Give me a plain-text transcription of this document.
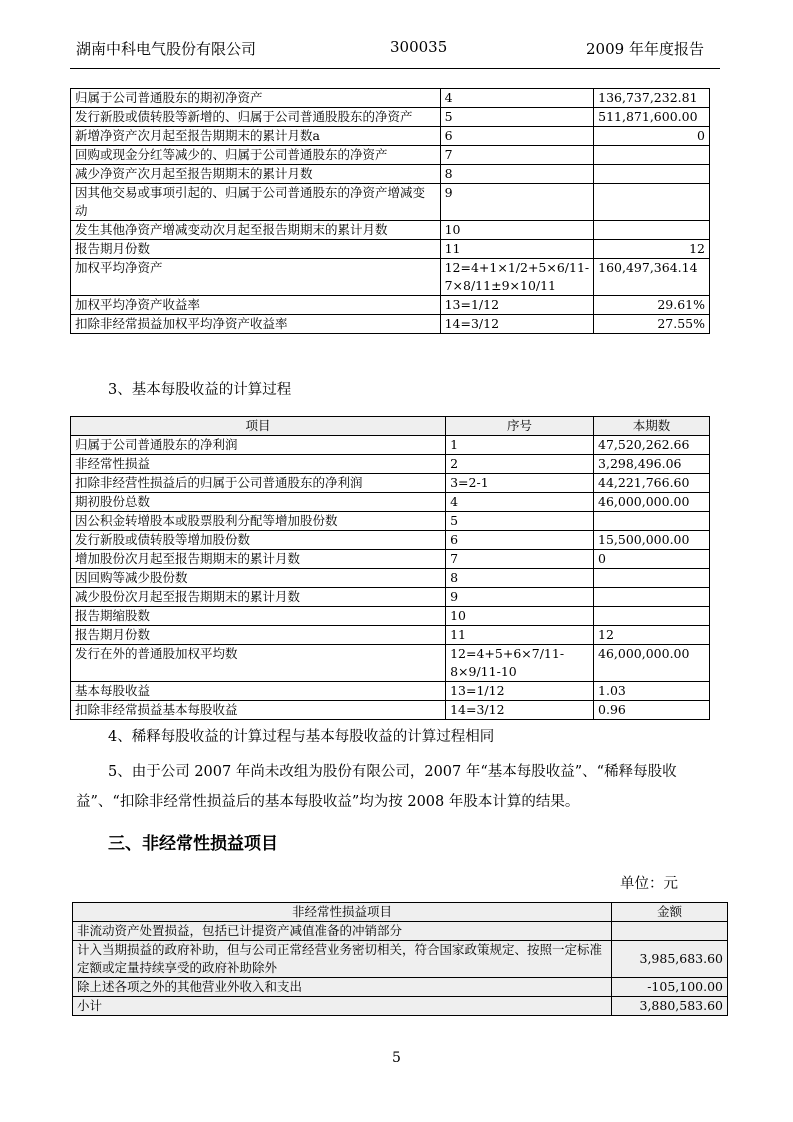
湖南中科电气股份有限公司	300035	2009 年年度报告
归属于公司普通股东的期初净资产	4	136,737,232.81
发行新股或债转股等新增的、归属于公司普通股股东的净资产	5	511,871,600.00
新增净资产次月起至报告期期末的累计月数a	6	0
回购或现金分红等减少的、归属于公司普通股东的净资产	7	
减少净资产次月起至报告期期末的累计月数	8	
因其他交易或事项引起的、归属于公司普通股东的净资产增减变动	9	
发生其他净资产增减变动次月起至报告期期末的累计月数	10	
报告期月份数	11	12
加权平均净资产	12=4+1×1/2+5×6/11-7×8/11±9×10/11	160,497,364.14
加权平均净资产收益率	13=1/12	29.61%
扣除非经常损益加权平均净资产收益率	14=3/12	27.55%
3、基本每股收益的计算过程
项目	序号	本期数
归属于公司普通股东的净利润	1	47,520,262.66
非经常性损益	2	3,298,496.06
扣除非经营性损益后的归属于公司普通股东的净利润	3=2-1	44,221,766.60
期初股份总数	4	46,000,000.00
因公积金转增股本或股票股利分配等增加股份数	5	
发行新股或债转股等增加股份数	6	15,500,000.00
增加股份次月起至报告期期末的累计月数	7	0
因回购等减少股份数	8	
减少股份次月起至报告期期末的累计月数	9	
报告期缩股数	10	
报告期月份数	11	12
发行在外的普通股加权平均数	12=4+5+6×7/11-8×9/11-10	46,000,000.00
基本每股收益	13=1/12	1.03
扣除非经常损益基本每股收益	14=3/12	0.96
4、稀释每股收益的计算过程与基本每股收益的计算过程相同
5、由于公司 2007 年尚未改组为股份有限公司，2007 年“基本每股收益”、“稀释每股收
益”、“扣除非经常性损益后的基本每股收益”均为按 2008 年股本计算的结果。
三、非经常性损益项目
单位：元
非经常性损益项目	金额
非流动资产处置损益，包括已计提资产减值准备的冲销部分	
计入当期损益的政府补助，但与公司正常经营业务密切相关，符合国家政策规定、按照一定标准定额或定量持续享受的政府补助除外	3,985,683.60
除上述各项之外的其他营业外收入和支出	-105,100.00
小计	3,880,583.60
5
